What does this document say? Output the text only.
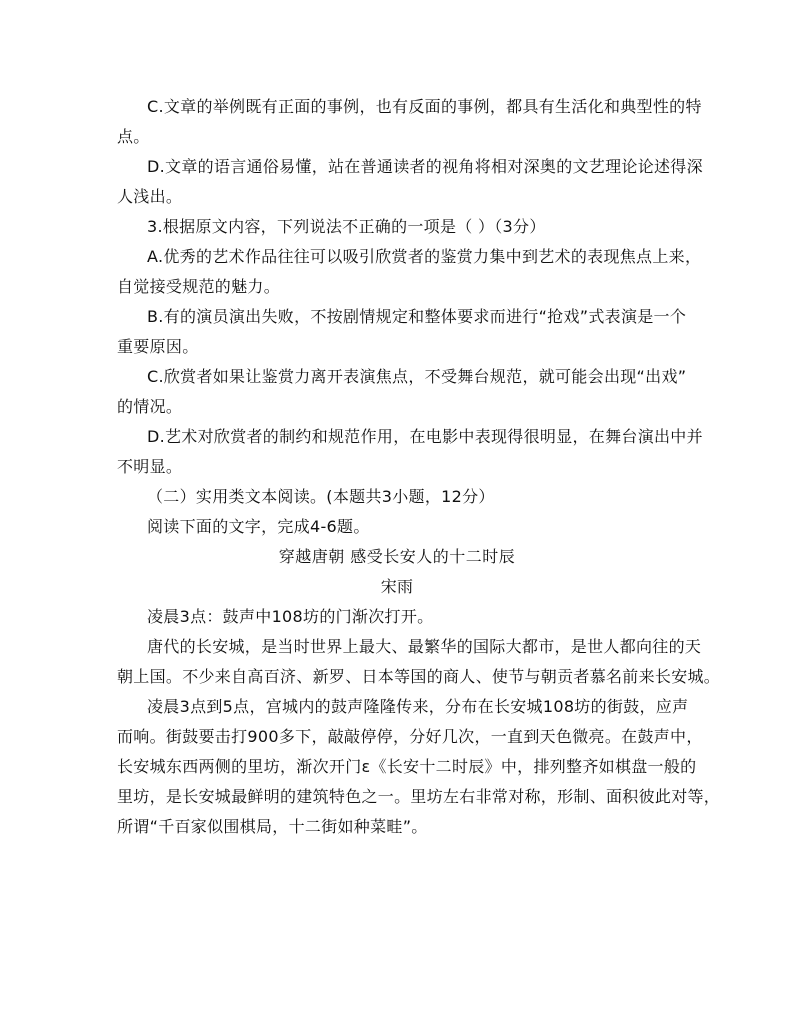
C.文章的举例既有正面的事例，也有反面的事例，都具有生活化和典型性的特

点。

D.文章的语言通俗易懂，站在普通读者的视角将相对深奥的文艺理论论述得深

人浅出。

3.根据原文内容，下列说法不正确的一项是（ ）（3分）

A.优秀的艺术作品往往可以吸引欣赏者的鉴赏力集中到艺术的表现焦点上来，

自觉接受规范的魅力。

B.有的演员演出失败，不按剧情规定和整体要求而进行“抢戏”式表演是一个

重要原因。

C.欣赏者如果让鉴赏力离开表演焦点，不受舞台规范，就可能会出现“出戏”

的情况。

D.艺术对欣赏者的制约和规范作用，在电影中表现得很明显，在舞台演出中并

不明显。

（二）实用类文本阅读。(本题共3小题，12分）

阅读下面的文字，完成4-6题。

穿越唐朝 感受长安人的十二时辰

宋雨

凌晨3点：鼓声中108坊的门渐次打开。

唐代的长安城，是当时世界上最大、最繁华的国际大都市，是世人都向往的天

朝上国。不少来自高百济、新罗、日本等国的商人、使节与朝贡者慕名前来长安城。

凌晨3点到5点，宫城内的鼓声隆隆传来，分布在长安城108坊的街鼓，应声

而响。街鼓要击打900多下，敲敲停停，分好几次，一直到天色微亮。在鼓声中，

长安城东西两侧的里坊，渐次开门ε《长安十二时辰》中，排列整齐如棋盘一般的

里坊，是长安城最鲜明的建筑特色之一。里坊左右非常对称，形制、面积彼此对等，

所谓“千百家似围棋局，十二街如种菜畦”。
